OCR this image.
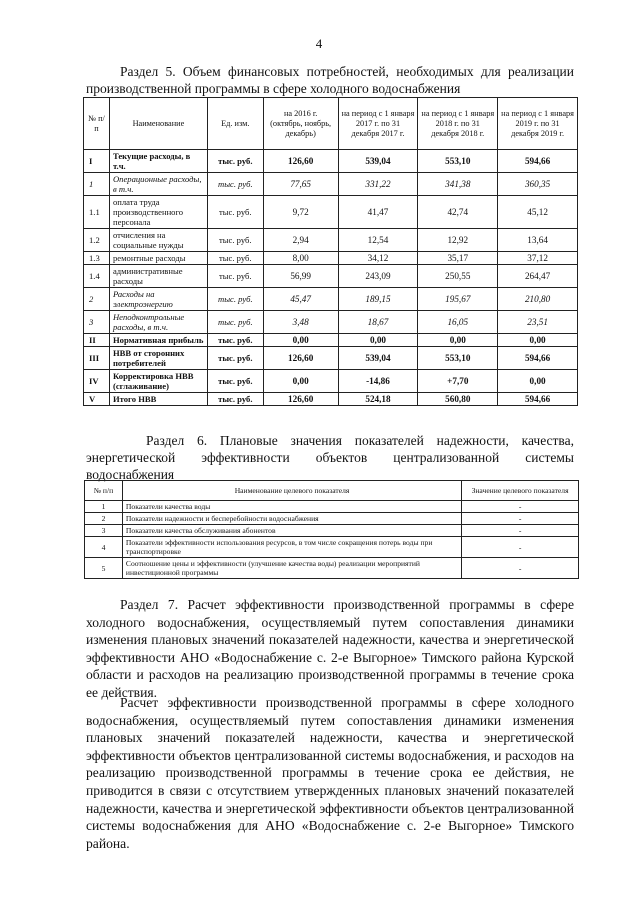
4
Раздел 5. Объем финансовых потребностей, необходимых для реализации производственной программы в сфере холодного водоснабжения
№ п/п	Наименование	Ед. изм.	на 2016 г. (октябрь, ноябрь, декабрь)	на период с 1 января 2017 г. по 31 декабря 2017 г.	на период с 1 января 2018 г. по 31 декабря 2018 г.	на период с 1 января 2019 г. по 31 декабря 2019 г.
I	Текущие расходы, в т.ч.	тыс. руб.	126,60	539,04	553,10	594,66
1	Операционные расходы, в т.ч.	тыс. руб.	77,65	331,22	341,38	360,35
1.1	оплата труда производственного персонала	тыс. руб.	9,72	41,47	42,74	45,12
1.2	отчисления на социальные нужды	тыс. руб.	2,94	12,54	12,92	13,64
1.3	ремонтные расходы	тыс. руб.	8,00	34,12	35,17	37,12
1.4	административные расходы	тыс. руб.	56,99	243,09	250,55	264,47
2	Расходы на электроэнергию	тыс. руб.	45,47	189,15	195,67	210,80
3	Неподконтрольные расходы, в т.ч.	тыс. руб.	3,48	18,67	16,05	23,51
II	Нормативная прибыль	тыс. руб.	0,00	0,00	0,00	0,00
III	НВВ от сторонних потребителей	тыс. руб.	126,60	539,04	553,10	594,66
IV	Корректировка НВВ (сглаживание)	тыс. руб.	0,00	-14,86	+7,70	0,00
V	Итого НВВ	тыс. руб.	126,60	524,18	560,80	594,66
Раздел 6. Плановые значения показателей надежности, качества, энергетической эффективности объектов централизованной системы водоснабжения
№ п/п	Наименование целевого показателя	Значение целевого показателя
1	Показатели качества воды	-
2	Показатели надежности и бесперебойности водоснабжения	-
3	Показатели качества обслуживания абонентов	-
4	Показатели эффективности использования ресурсов, в том числе сокращения потерь воды при транспортировке	-
5	Соотношение цены и эффективности (улучшение качества воды) реализации мероприятий инвестиционной программы	-
Раздел 7. Расчет эффективности производственной программы в сфере холодного водоснабжения, осуществляемый путем сопоставления динамики изменения плановых значений показателей надежности, качества и энергетической эффективности АНО «Водоснабжение с. 2-е Выгорное» Тимского района Курской области и расходов на реализацию производственной программы в течение срока ее действия.
Расчет эффективности производственной программы в сфере холодного водоснабжения, осуществляемый путем сопоставления динамики изменения плановых значений показателей надежности, качества и энергетической эффективности объектов централизованной системы водоснабжения, и расходов на реализацию производственной программы в течение срока ее действия, не приводится в связи с отсутствием утвержденных плановых значений показателей надежности, качества и энергетической эффективности объектов централизованной системы водоснабжения для АНО «Водоснабжение с. 2-е Выгорное» Тимского района.
